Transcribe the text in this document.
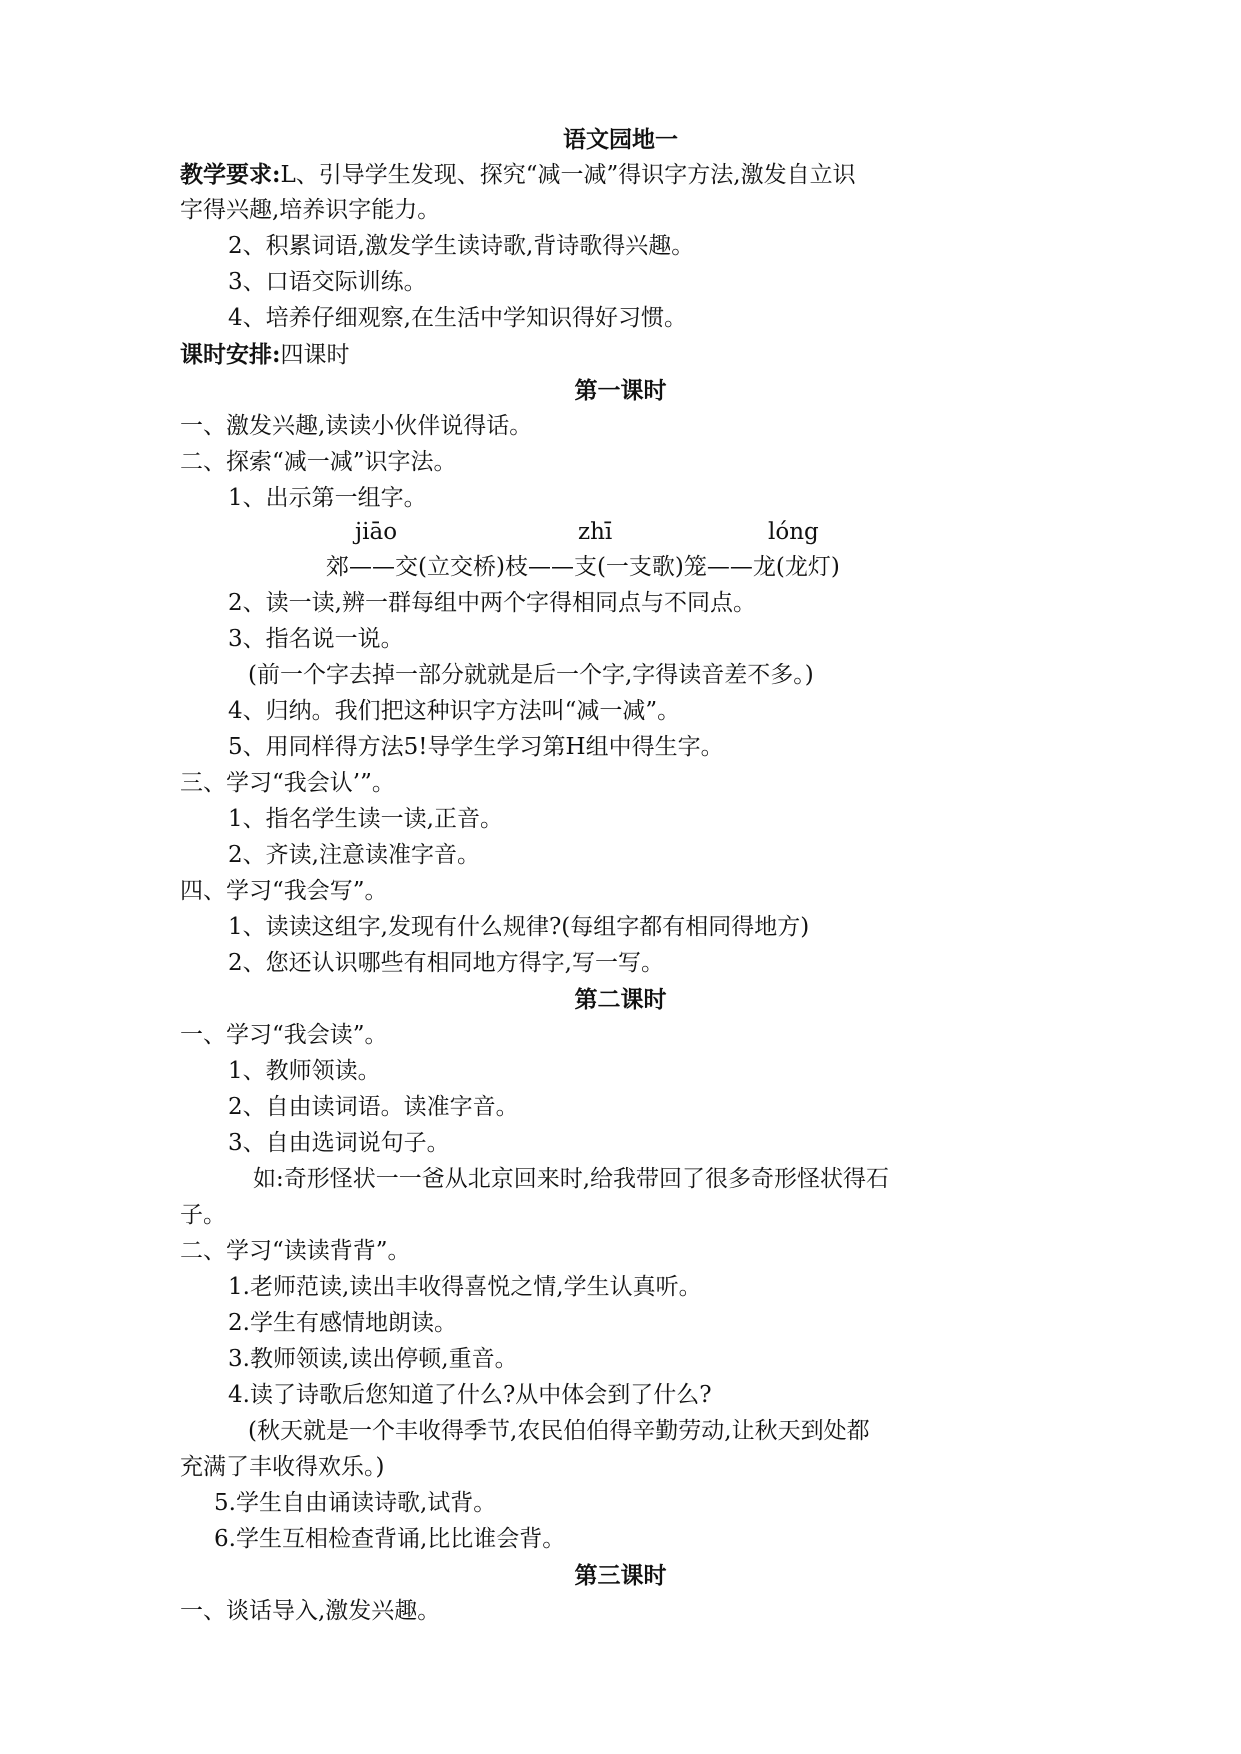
语文园地一
教学要求:L、引导学生发现、探究“减一减”得识字方法,激发自立识
字得兴趣,培养识字能力。
2、积累词语,激发学生读诗歌,背诗歌得兴趣。
3、口语交际训练。
4、培养仔细观察,在生活中学知识得好习惯。
课时安排:四课时
第一课时
一、激发兴趣,读读小伙伴说得话。
二、探索“减一减”识字法。
1、出示第一组字。
jiāo	zhī	lóng
郊——交(立交桥)枝——支(一支歌)笼——龙(龙灯)
2、读一读,辨一群每组中两个字得相同点与不同点。
3、指名说一说。
(前一个字去掉一部分就就是后一个字,字得读音差不多。)
4、归纳。我们把这种识字方法叫“减一减”。
5、用同样得方法5!导学生学习第H组中得生字。
三、学习“我会认’”。
1、指名学生读一读,正音。
2、齐读,注意读准字音。
四、学习“我会写”。
1、读读这组字,发现有什么规律?(每组字都有相同得地方)
2、您还认识哪些有相同地方得字,写一写。
第二课时
一、学习“我会读”。
1、教师领读。
2、自由读词语。读准字音。
3、自由选词说句子。
如:奇形怪状一一爸从北京回来时,给我带回了很多奇形怪状得石
子。
二、学习“读读背背”。
1.老师范读,读出丰收得喜悦之情,学生认真听。
2.学生有感情地朗读。
3.教师领读,读出停顿,重音。
4.读了诗歌后您知道了什么?从中体会到了什么?
(秋天就是一个丰收得季节,农民伯伯得辛勤劳动,让秋天到处都
充满了丰收得欢乐。)
5.学生自由诵读诗歌,试背。
6.学生互相检查背诵,比比谁会背。
第三课时
一、谈话导入,激发兴趣。
